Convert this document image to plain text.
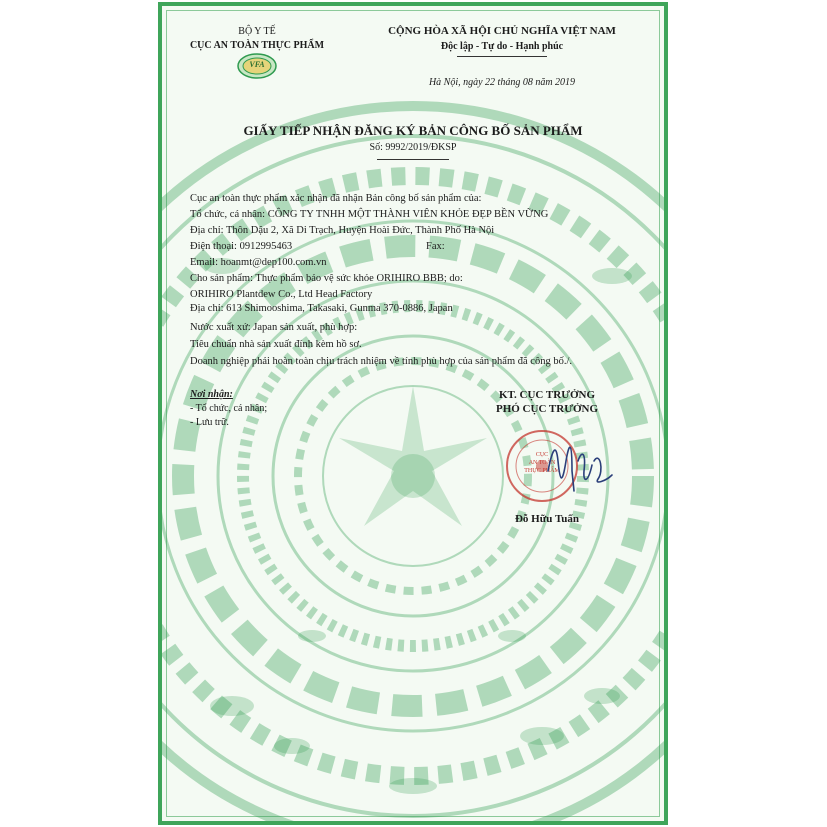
BỘ Y TẾ
CỤC AN TOÀN THỰC PHẨM
VFA
CỘNG HÒA XÃ HỘI CHỦ NGHĨA VIỆT NAM
Độc lập - Tự do - Hạnh phúc
Hà Nội, ngày 22 tháng 08 năm 2019
GIẤY TIẾP NHẬN ĐĂNG KÝ BẢN CÔNG BỐ SẢN PHẨM
Số: 9992/2019/ĐKSP
Cục an toàn thực phẩm xác nhận đã nhận Bản công bố sản phẩm của:
Tổ chức, cá nhân: CÔNG TY TNHH MỘT THÀNH VIÊN KHỎE ĐẸP BỀN VỮNG
Địa chỉ: Thôn Dậu 2, Xã Di Trạch, Huyện Hoài Đức, Thành Phố Hà Nội
Điện thoại: 0912995463	Fax:
Email: hoanmt@dep100.com.vn
Cho sản phẩm: Thực phẩm bảo vệ sức khỏe ORIHIRO BBB; do:
ORIHIRO Plantdew Co., Ltd Head Factory
Địa chỉ: 613 Shimooshima, Takasaki, Gunma 370-0886, Japan
Nước xuất xứ: Japan sản xuất, phù hợp:
Tiêu chuẩn nhà sản xuất đính kèm hồ sơ.
Doanh nghiệp phải hoàn toàn chịu trách nhiệm về tính phù hợp của sản phẩm đã công bố./.
Nơi nhận:
- Tổ chức, cá nhân;
- Lưu trữ.
KT. CỤC TRƯỞNG
PHÓ CỤC TRƯỞNG
CỤC
AN TOÀN
THỰC PHẨM
Đỗ Hữu Tuấn
